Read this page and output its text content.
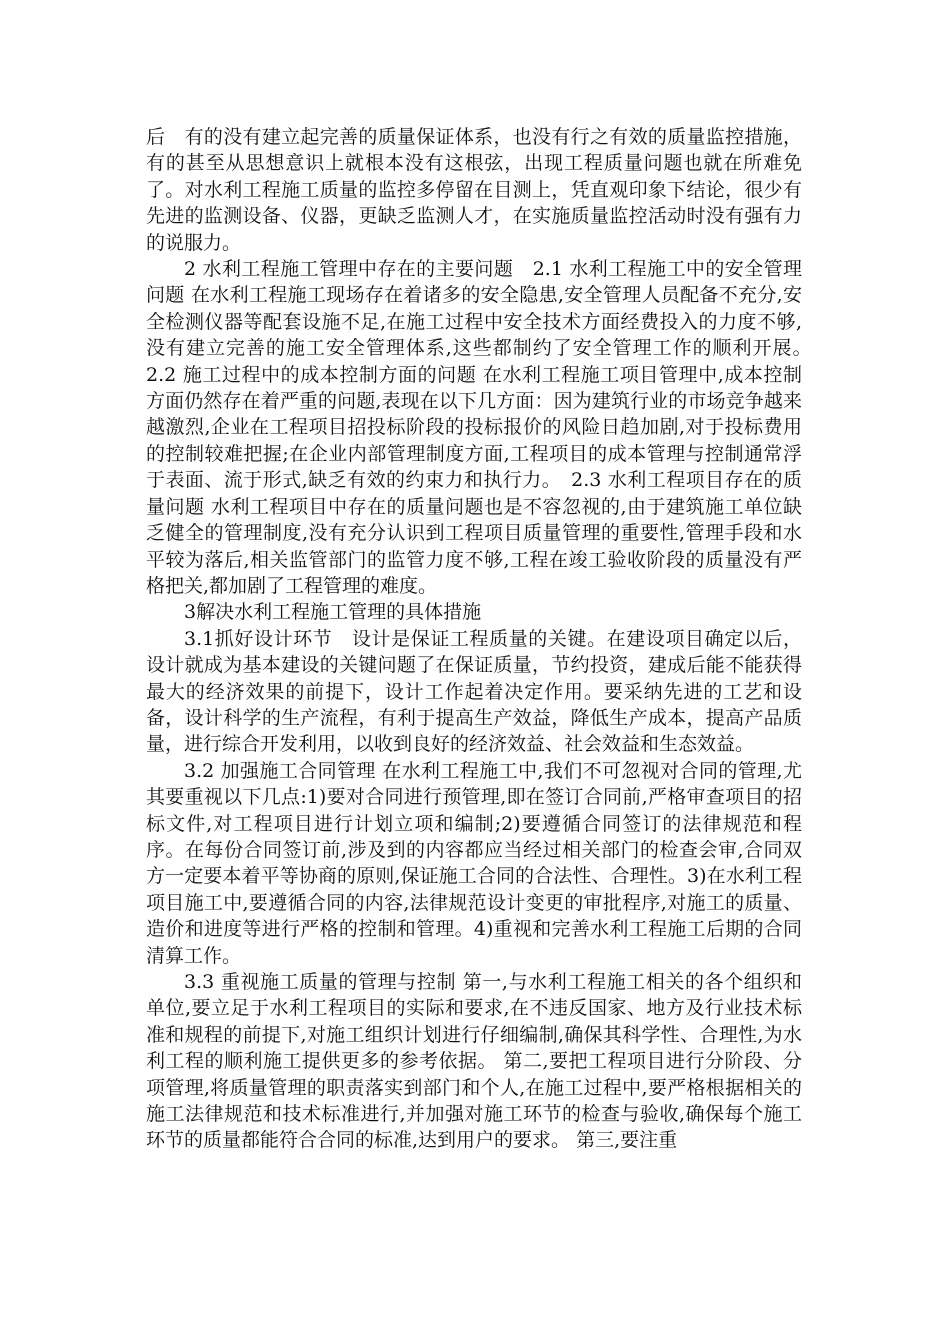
后　有的没有建立起完善的质量保证体系，也没有行之有效的质量监控措施，有的甚至从思想意识上就根本没有这根弦，出现工程质量问题也就在所难免了。对水利工程施工质量的监控多停留在目测上，凭直观印象下结论，很少有先进的监测设备、仪器，更缺乏监测人才，在实施质量监控活动时没有强有力的说服力。

2 水利工程施工管理中存在的主要问题　2.1 水利工程施工中的安全管理问题 在水利工程施工现场存在着诸多的安全隐患,安全管理人员配备不充分,安全检测仪器等配套设施不足,在施工过程中安全技术方面经费投入的力度不够,没有建立完善的施工安全管理体系,这些都制约了安全管理工作的顺利开展。　2.2 施工过程中的成本控制方面的问题 在水利工程施工项目管理中,成本控制方面仍然存在着严重的问题,表现在以下几方面：因为建筑行业的市场竞争越来越激烈,企业在工程项目招投标阶段的投标报价的风险日趋加剧,对于投标费用的控制较难把握;在企业内部管理制度方面,工程项目的成本管理与控制通常浮于表面、流于形式,缺乏有效的约束力和执行力。　2.3 水利工程项目存在的质量问题 水利工程项目中存在的质量问题也是不容忽视的,由于建筑施工单位缺乏健全的管理制度,没有充分认识到工程项目质量管理的重要性,管理手段和水平较为落后,相关监管部门的监管力度不够,工程在竣工验收阶段的质量没有严格把关,都加剧了工程管理的难度。

3解决水利工程施工管理的具体措施

3.1抓好设计环节　设计是保证工程质量的关键。在建设项目确定以后，设计就成为基本建设的关键问题了在保证质量，节约投资，建成后能不能获得最大的经济效果的前提下，设计工作起着决定作用。要采纳先进的工艺和设备，设计科学的生产流程，有利于提高生产效益，降低生产成本，提高产品质量，进行综合开发利用，以收到良好的经济效益、社会效益和生态效益。

3.2 加强施工合同管理 在水利工程施工中,我们不可忽视对合同的管理,尤其要重视以下几点:1)要对合同进行预管理,即在签订合同前,严格审查项目的招标文件,对工程项目进行计划立项和编制;2)要遵循合同签订的法律规范和程序。在每份合同签订前,涉及到的内容都应当经过相关部门的检查会审,合同双方一定要本着平等协商的原则,保证施工合同的合法性、合理性。3)在水利工程项目施工中,要遵循合同的内容,法律规范设计变更的审批程序,对施工的质量、造价和进度等进行严格的控制和管理。4)重视和完善水利工程施工后期的合同清算工作。

3.3 重视施工质量的管理与控制 第一,与水利工程施工相关的各个组织和单位,要立足于水利工程项目的实际和要求,在不违反国家、地方及行业技术标准和规程的前提下,对施工组织计划进行仔细编制,确保其科学性、合理性,为水利工程的顺利施工提供更多的参考依据。 第二,要把工程项目进行分阶段、分项管理,将质量管理的职责落实到部门和个人,在施工过程中,要严格根据相关的施工法律规范和技术标准进行,并加强对施工环节的检查与验收,确保每个施工环节的质量都能符合合同的标准,达到用户的要求。 第三,要注重
